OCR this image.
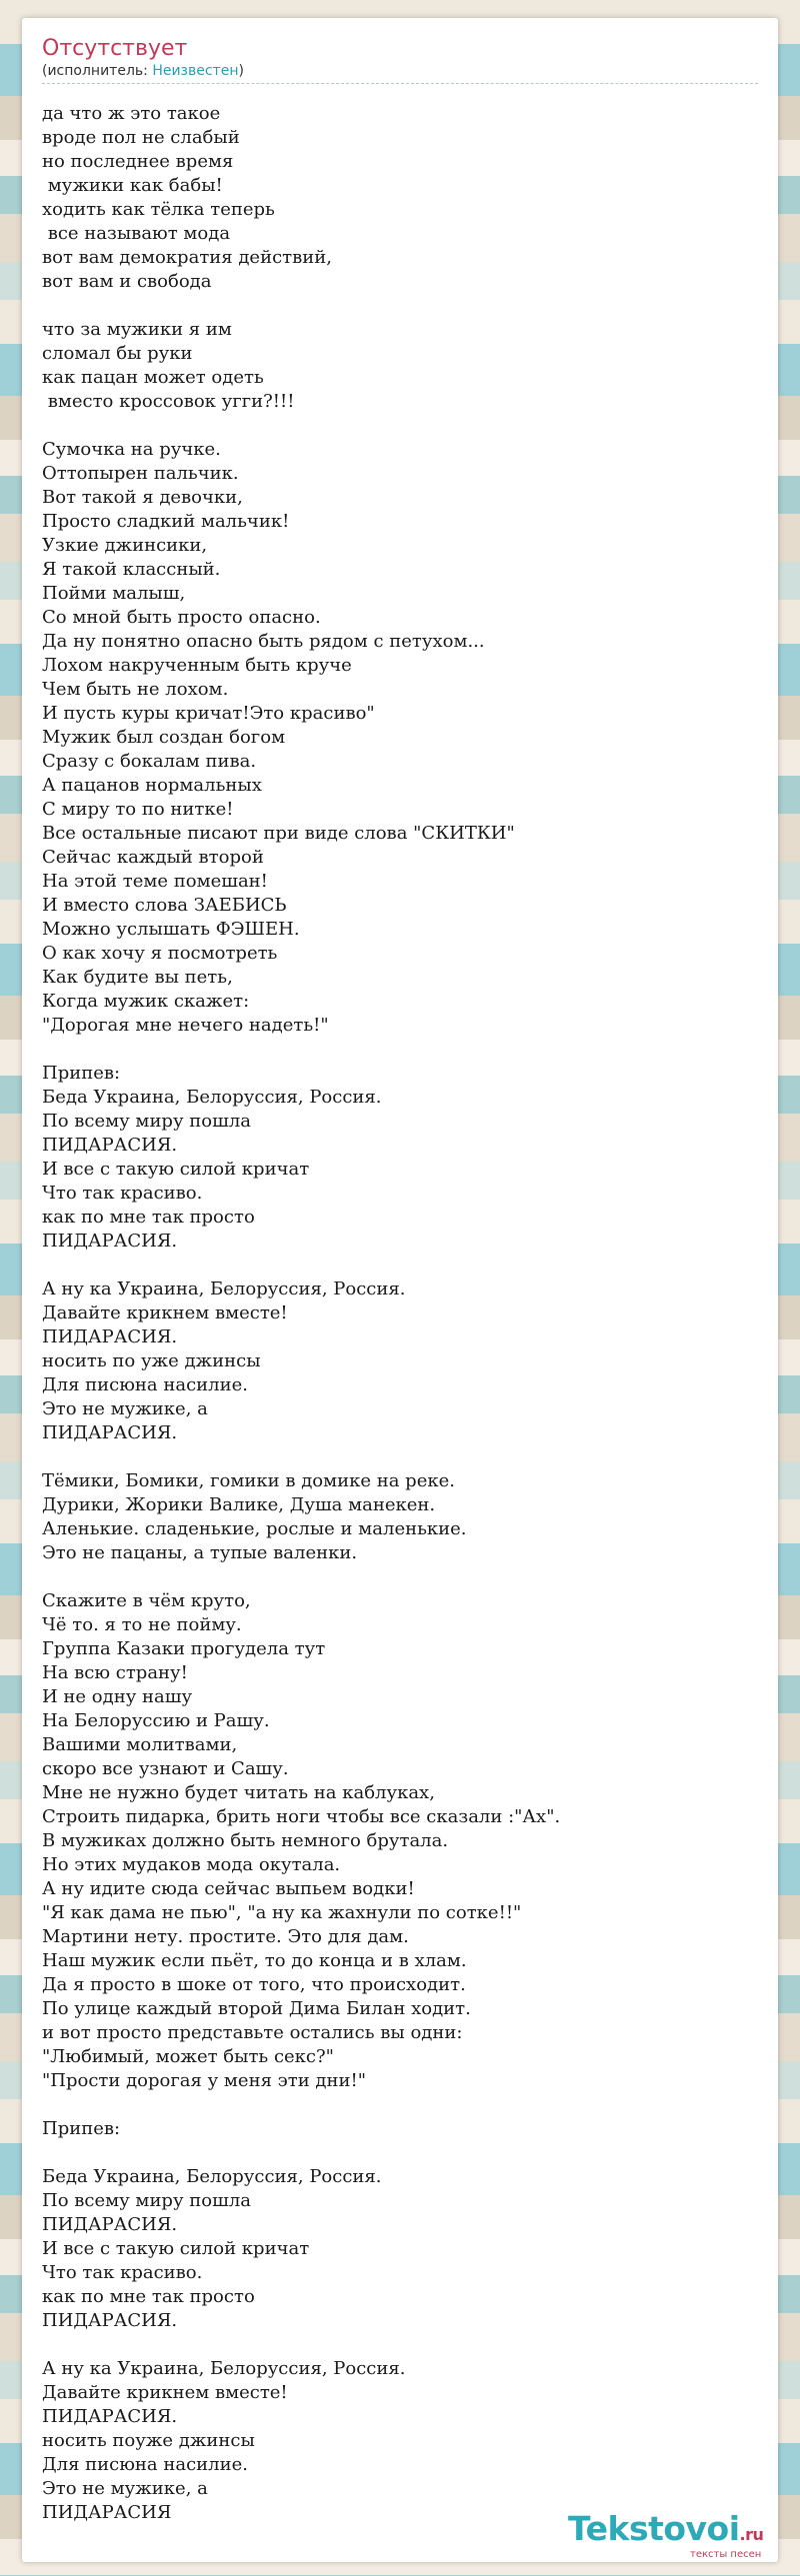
Отсутствует
(исполнитель: Неизвестен)
да что ж это такое
вроде пол не слабый
но последнее время
мужики как бабы!
ходить как тёлка теперь
все называют мода
вот вам демократия действий,
вот вам и свобода

что за мужики я им
сломал бы руки
как пацан может одеть
вместо кроссовок угги?!!!

Сумочка на ручке.
Оттопырен пальчик.
Вот такой я девочки,
Просто сладкий мальчик!
Узкие джинсики,
Я такой классный.
Пойми малыш,
Со мной быть просто опасно.
Да ну понятно опасно быть рядом с петухом...
Лохом накрученным быть круче
Чем быть не лохом.
И пусть куры кричат!Это красиво"
Мужик был создан богом
Сразу с бокалам пива.
А пацанов нормальных
С миру то по нитке!
Все остальные писают при виде слова "СКИТКИ"
Сейчас каждый второй
На этой теме помешан!
И вместо слова ЗАЕБИСЬ
Можно услышать ФЭШЕН.
О как хочу я посмотреть
Как будите вы петь,
Когда мужик скажет:
"Дорогая мне нечего надеть!"

Припев:
Беда Украина, Белоруссия, Россия.
По всему миру пошла
ПИДАРАСИЯ.
И все с такую силой кричат
Что так красиво.
как по мне так просто
ПИДАРАСИЯ.

А ну ка Украина, Белоруссия, Россия.
Давайте крикнем вместе!
ПИДАРАСИЯ.
носить по уже джинсы
Для писюна насилие.
Это не мужике, а
ПИДАРАСИЯ.

Тёмики, Бомики, гомики в домике на реке.
Дурики, Жорики Валике, Душа манекен.
Аленькие. сладенькие, рослые и маленькие.
Это не пацаны, а тупые валенки.

Скажите в чём круто,
Чё то. я то не пойму.
Группа Казаки прогудела тут
На всю страну!
И не одну нашу
На Белоруссию и Рашу.
Вашими молитвами,
скоро все узнают и Сашу.
Мне не нужно будет читать на каблуках,
Строить пидарка, брить ноги чтобы все сказали :"Ах".
В мужиках должно быть немного брутала.
Но этих мудаков мода окутала.
А ну идите сюда сейчас выпьем водки!
"Я как дама не пью", "а ну ка жахнули по сотке!!"
Мартини нету. простите. Это для дам.
Наш мужик если пьёт, то до конца и в хлам.
Да я просто в шоке от того, что происходит.
По улице каждый второй Дима Билан ходит.
и вот просто представьте остались вы одни:
"Любимый, может быть секс?"
"Прости дорогая у меня эти дни!"

Припев:

Беда Украина, Белоруссия, Россия.
По всему миру пошла
ПИДАРАСИЯ.
И все с такую силой кричат
Что так красиво.
как по мне так просто
ПИДАРАСИЯ.

А ну ка Украина, Белоруссия, Россия.
Давайте крикнем вместе!
ПИДАРАСИЯ.
носить поуже джинсы
Для писюна насилие.
Это не мужике, а
ПИДАРАСИЯ	Tekstovoi.ru
тексты песен
